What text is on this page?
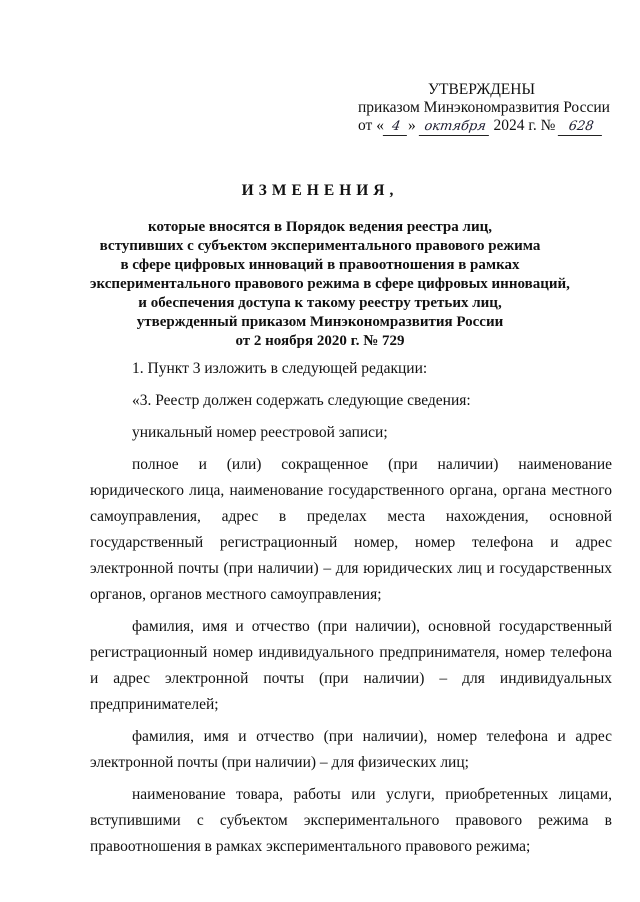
УТВЕРЖДЕНЫ
приказом Минэкономразвития России
от « 4 » октября 2024 г. № 628
ИЗМЕНЕНИЯ,
которые вносятся в Порядок ведения реестра лиц,
вступивших с субъектом экспериментального правового режима
в сфере цифровых инноваций в правоотношения в рамках
экспериментального правового режима в сфере цифровых инноваций,
и обеспечения доступа к такому реестру третьих лиц,
утвержденный приказом Минэкономразвития России
от 2 ноября 2020 г. № 729

1. Пункт 3 изложить в следующей редакции:

«3. Реестр должен содержать следующие сведения:

уникальный номер реестровой записи;

полное и (или) сокращенное (при наличии) наименование юридического лица, наименование государственного органа, органа местного самоуправления, адрес в пределах места нахождения, основной государственный регистрационный номер, номер телефона и адрес электронной почты (при наличии) – для юридических лиц и государственных органов, органов местного самоуправления;

фамилия, имя и отчество (при наличии), основной государственный регистрационный номер индивидуального предпринимателя, номер телефона и адрес электронной почты (при наличии) – для индивидуальных предпринимателей;

фамилия, имя и отчество (при наличии), номер телефона и адрес электронной почты (при наличии) – для физических лиц;

наименование товара, работы или услуги, приобретенных лицами, вступившими с субъектом экспериментального правового режима в правоотношения в рамках экспериментального правового режима;
